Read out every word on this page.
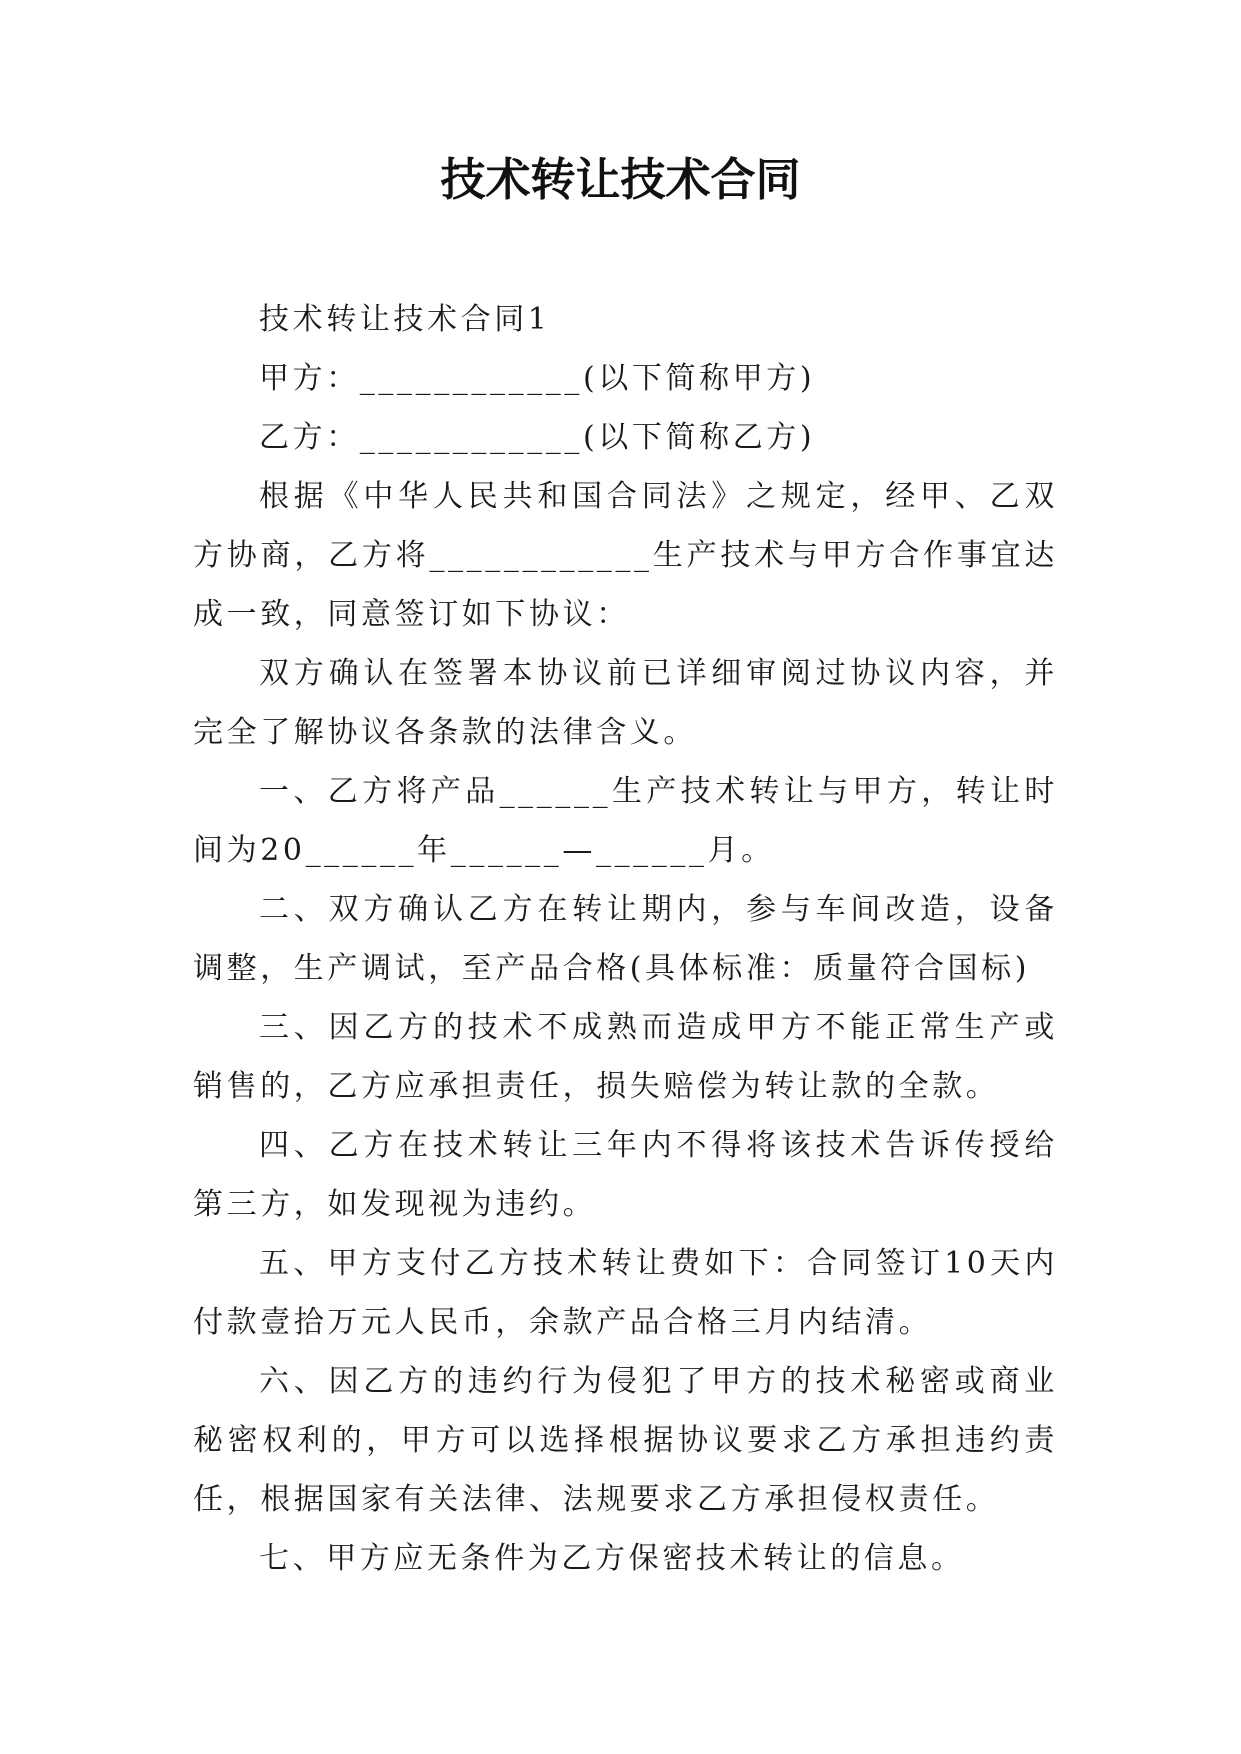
技术转让技术合同

技术转让技术合同1

甲方：____________(以下简称甲方)

乙方：____________(以下简称乙方)

根据《中华人民共和国合同法》之规定，经甲、乙双方协商，乙方将____________生产技术与甲方合作事宜达成一致，同意签订如下协议：

双方确认在签署本协议前已详细审阅过协议内容，并完全了解协议各条款的法律含义。

一、乙方将产品______生产技术转让与甲方，转让时间为20______年______—______月。

二、双方确认乙方在转让期内，参与车间改造，设备调整，生产调试，至产品合格(具体标准：质量符合国标)

三、因乙方的技术不成熟而造成甲方不能正常生产或销售的，乙方应承担责任，损失赔偿为转让款的全款。

四、乙方在技术转让三年内不得将该技术告诉传授给第三方，如发现视为违约。

五、甲方支付乙方技术转让费如下：合同签订10天内付款壹拾万元人民币，余款产品合格三月内结清。

六、因乙方的违约行为侵犯了甲方的技术秘密或商业秘密权利的，甲方可以选择根据协议要求乙方承担违约责任，根据国家有关法律、法规要求乙方承担侵权责任。

七、甲方应无条件为乙方保密技术转让的信息。
